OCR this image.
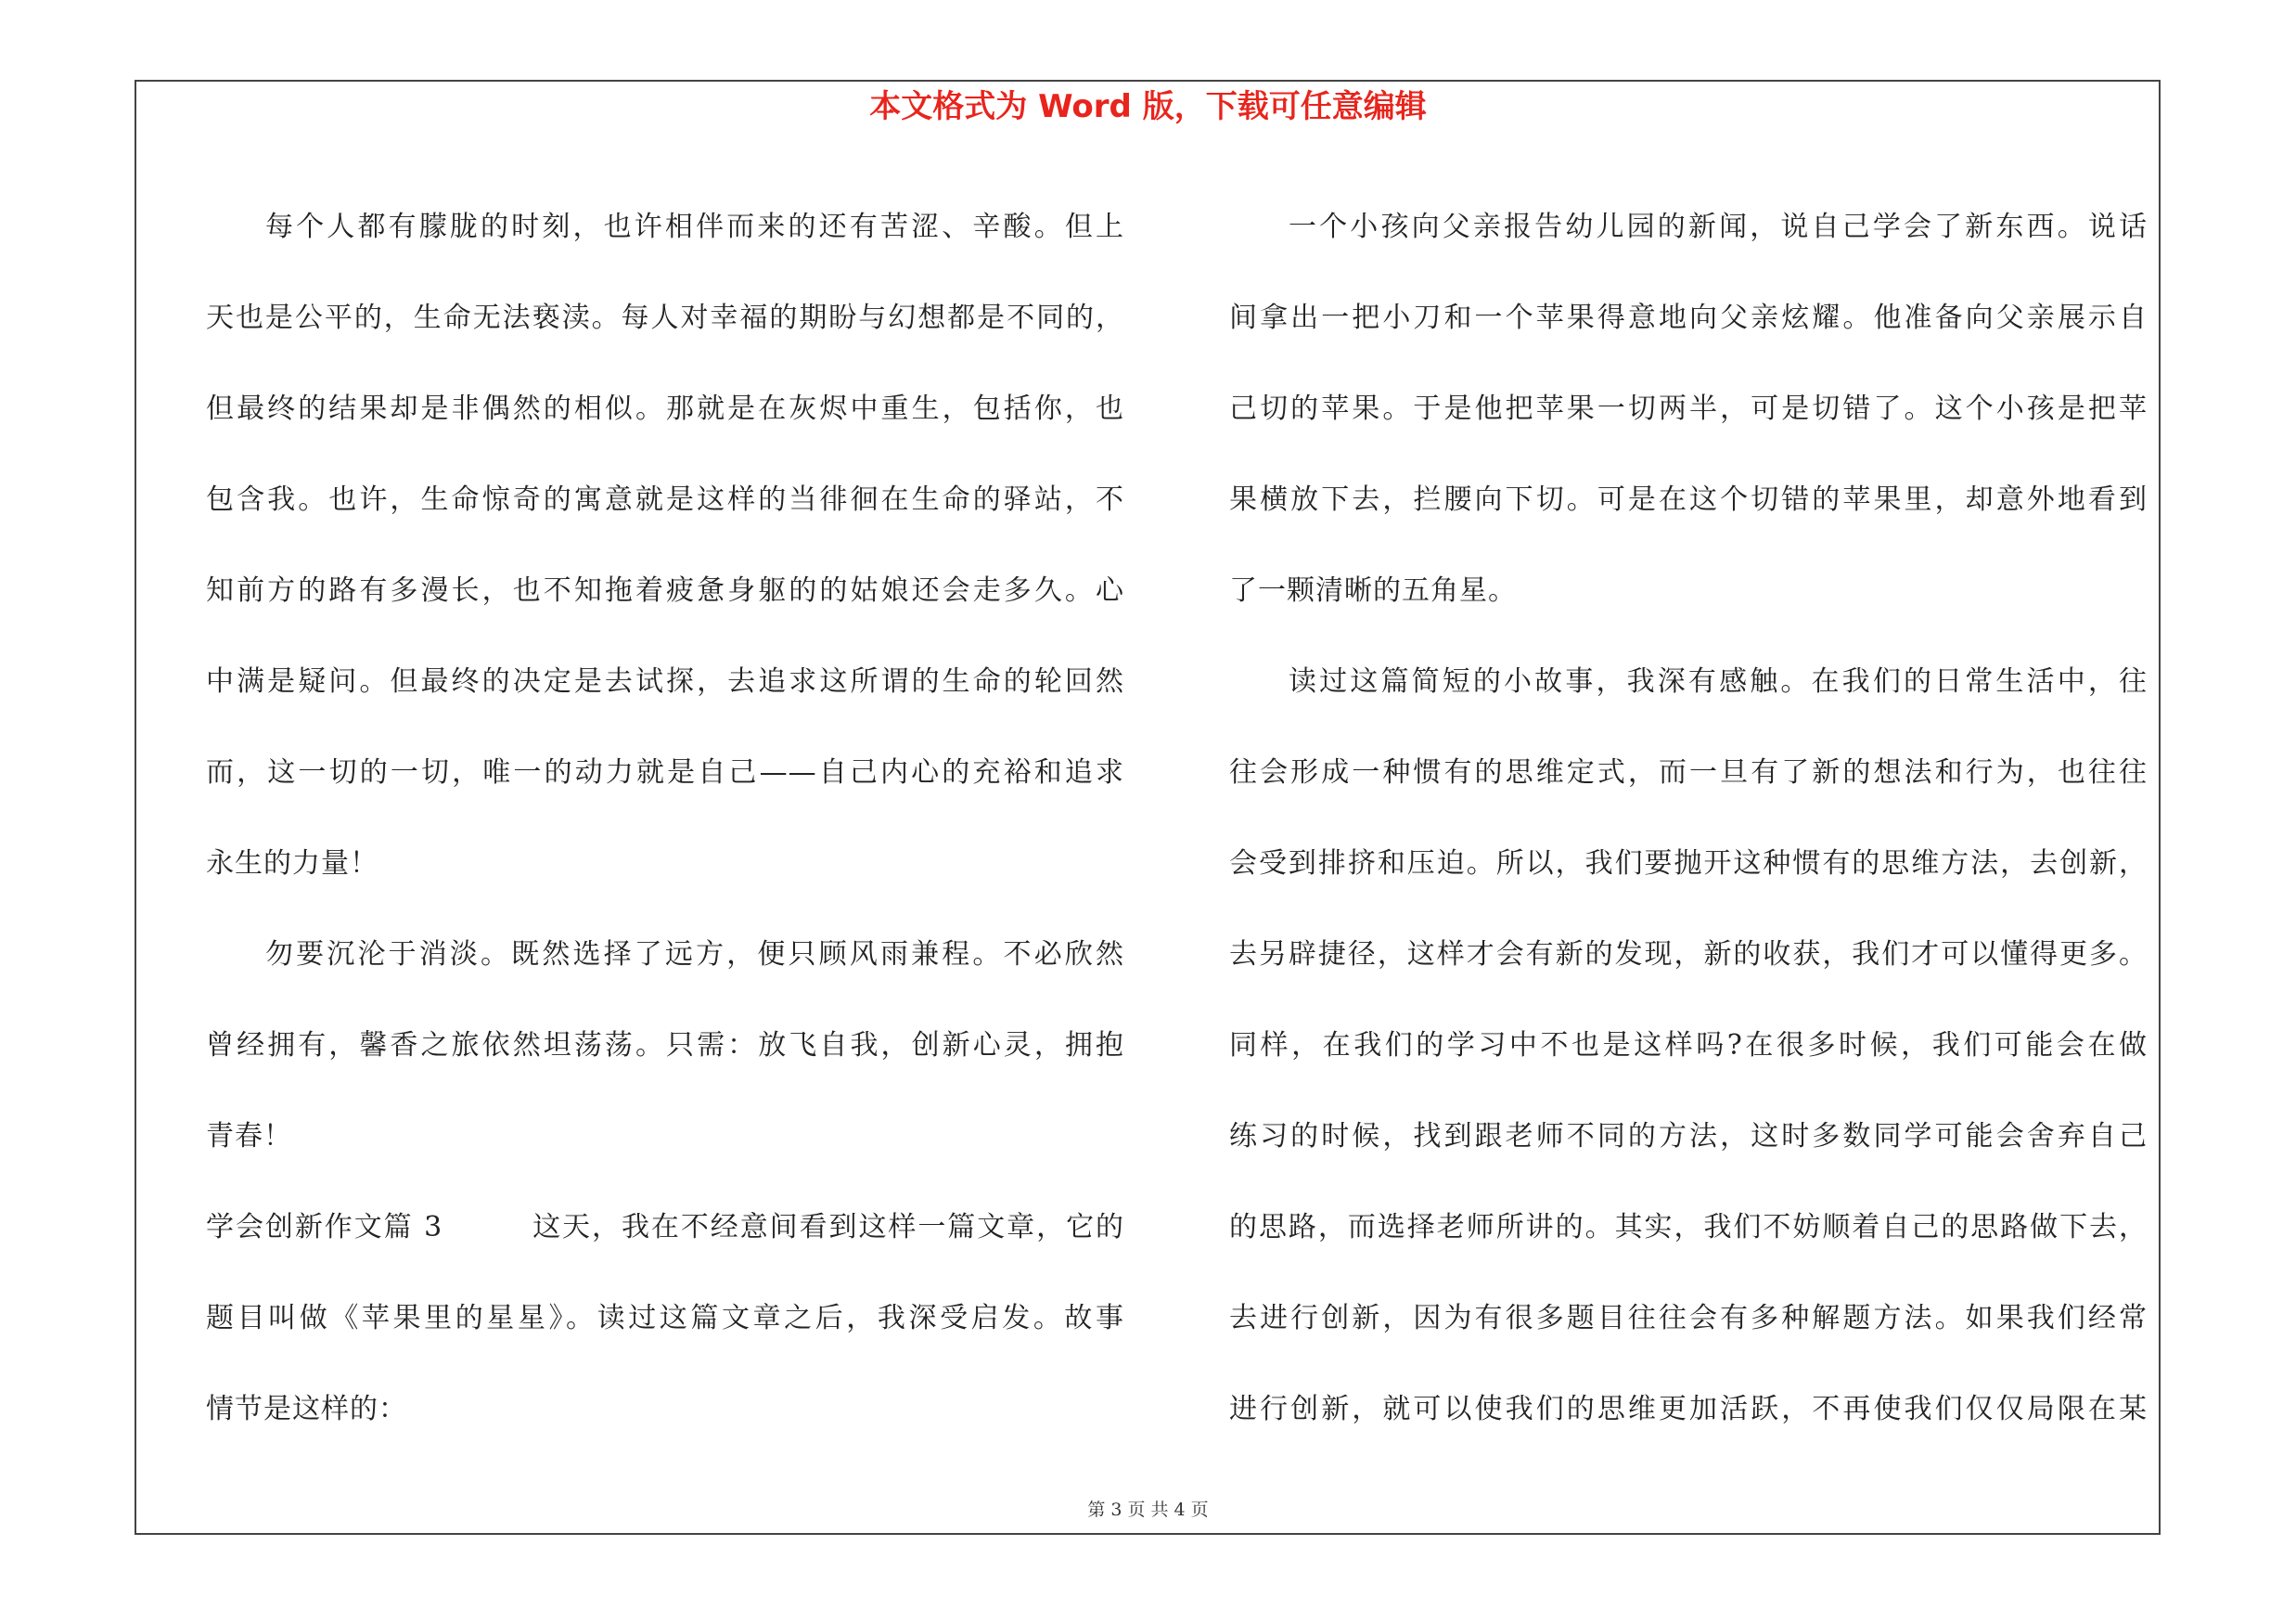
本文格式为 Word 版，下载可任意编辑
每个人都有朦胧的时刻，也许相伴而来的还有苦涩、辛酸。但上
天也是公平的，生命无法亵渎。每人对幸福的期盼与幻想都是不同的，
但最终的结果却是非偶然的相似。那就是在灰烬中重生，包括你，也
包含我。也许，生命惊奇的寓意就是这样的当徘徊在生命的驿站，不
知前方的路有多漫长，也不知拖着疲惫身躯的的姑娘还会走多久。心
中满是疑问。但最终的决定是去试探，去追求这所谓的生命的轮回然
而，这一切的一切，唯一的动力就是自己——自己内心的充裕和追求
永生的力量！
勿要沉沦于消淡。既然选择了远方，便只顾风雨兼程。不必欣然
曾经拥有，馨香之旅依然坦荡荡。只需：放飞自我，创新心灵，拥抱
青春！
学会创新作文篇 3	这天，我在不经意间看到这样一篇文章，它的
题目叫做《苹果里的星星》。读过这篇文章之后，我深受启发。故事
情节是这样的：
一个小孩向父亲报告幼儿园的新闻，说自己学会了新东西。说话
间拿出一把小刀和一个苹果得意地向父亲炫耀。他准备向父亲展示自
己切的苹果。于是他把苹果一切两半，可是切错了。这个小孩是把苹
果横放下去，拦腰向下切。可是在这个切错的苹果里，却意外地看到
了一颗清晰的五角星。
读过这篇简短的小故事，我深有感触。在我们的日常生活中，往
往会形成一种惯有的思维定式，而一旦有了新的想法和行为，也往往
会受到排挤和压迫。所以，我们要抛开这种惯有的思维方法，去创新，
去另辟捷径，这样才会有新的发现，新的收获，我们才可以懂得更多。
同样，在我们的学习中不也是这样吗?在很多时候，我们可能会在做
练习的时候，找到跟老师不同的方法，这时多数同学可能会舍弃自己
的思路，而选择老师所讲的。其实，我们不妨顺着自己的思路做下去，
去进行创新，因为有很多题目往往会有多种解题方法。如果我们经常
进行创新，就可以使我们的思维更加活跃，不再使我们仅仅局限在某
第 3 页 共 4 页
